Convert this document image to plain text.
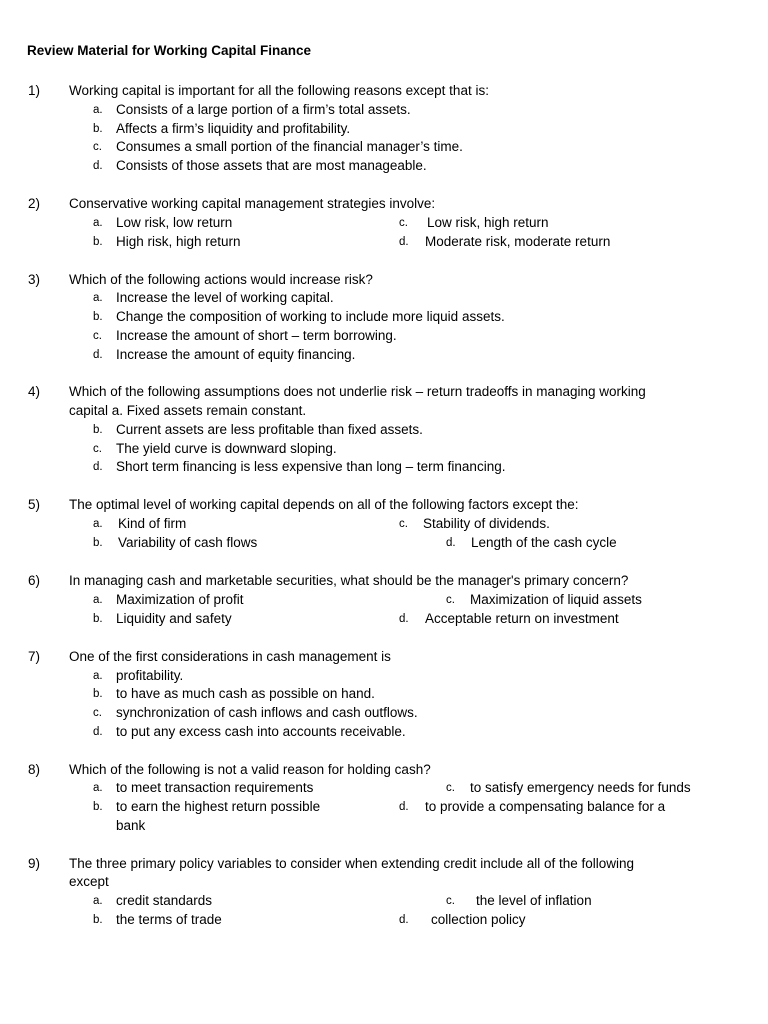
Review Material for Working Capital Finance
1) Working capital is important for all the following reasons except that is:
a. Consists of a large portion of a firm’s total assets.
b. Affects a firm’s liquidity and profitability.
c. Consumes a small portion of the financial manager’s time.
d. Consists of those assets that are most manageable.
2) Conservative working capital management strategies involve:
a. Low risk, low return	c. Low risk, high return
b. High risk, high return	d. Moderate risk, moderate return
3) Which of the following actions would increase risk?
a. Increase the level of working capital.
b. Change the composition of working to include more liquid assets.
c. Increase the amount of short – term borrowing.
d. Increase the amount of equity financing.
4) Which of the following assumptions does not underlie risk – return tradeoffs in managing working
capital a. Fixed assets remain constant.
b. Current assets are less profitable than fixed assets.
c. The yield curve is downward sloping.
d. Short term financing is less expensive than long – term financing.
5) The optimal level of working capital depends on all of the following factors except the:
a. Kind of firm	c. Stability of dividends.
b. Variability of cash flows	d. Length of the cash cycle
6) In managing cash and marketable securities, what should be the manager's primary concern?
a. Maximization of profit	c. Maximization of liquid assets
b. Liquidity and safety	d. Acceptable return on investment
7) One of the first considerations in cash management is
a. profitability.
b. to have as much cash as possible on hand.
c. synchronization of cash inflows and cash outflows.
d. to put any excess cash into accounts receivable.
8) Which of the following is not a valid reason for holding cash?
a. to meet transaction requirements	c. to satisfy emergency needs for funds
b. to earn the highest return possible	d. to provide a compensating balance for a
bank
9) The three primary policy variables to consider when extending credit include all of the following
except
a. credit standards	c. the level of inflation
b. the terms of trade	d. collection policy
